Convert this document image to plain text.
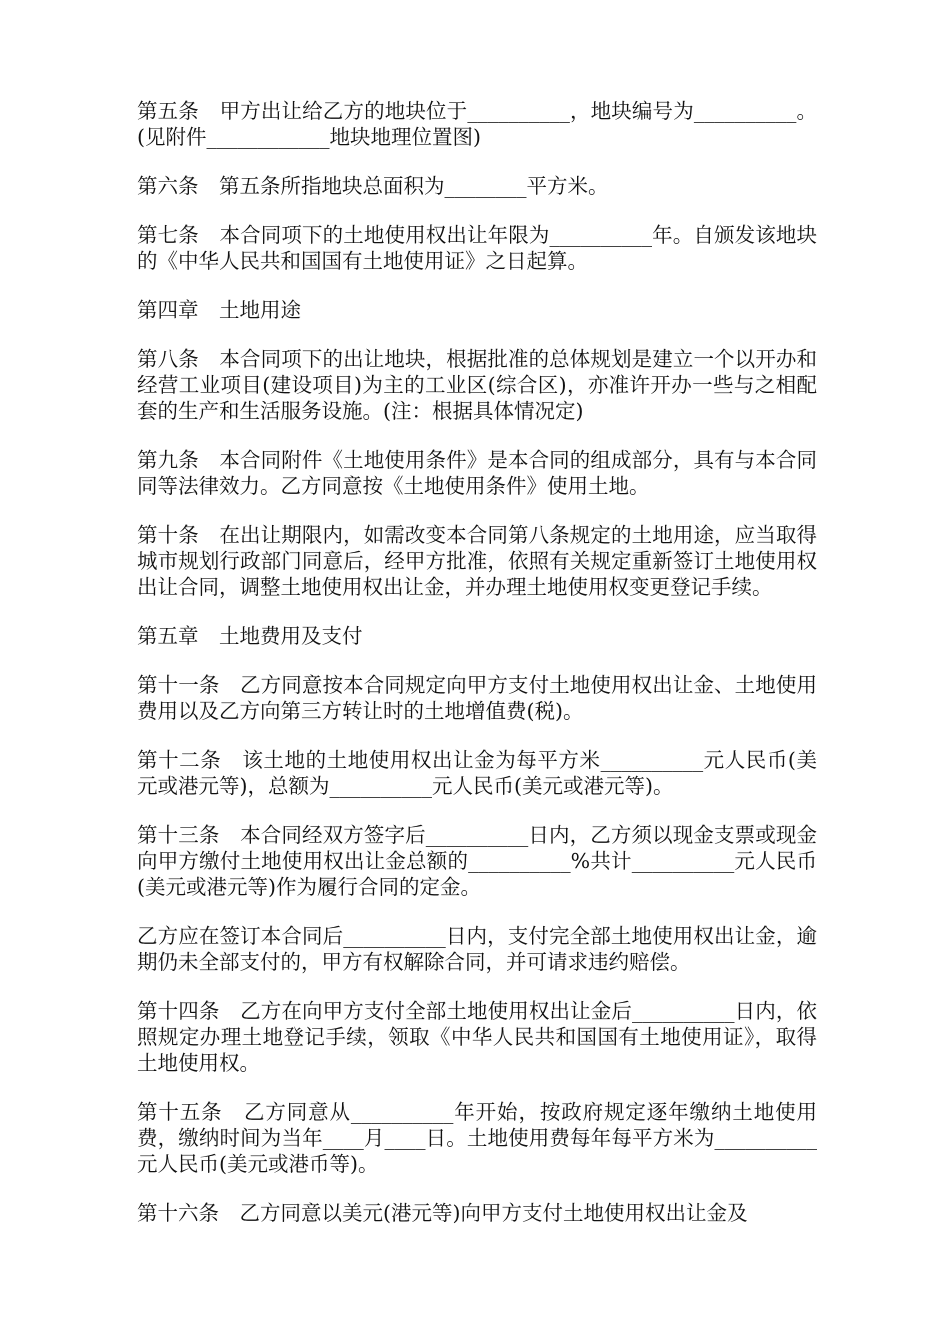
第五条　甲方出让给乙方的地块位于__________，地块编号为__________。(见附件____________地块地理位置图)

第六条　第五条所指地块总面积为________平方米。

第七条　本合同项下的土地使用权出让年限为__________年。自颁发该地块的《中华人民共和国国有土地使用证》之日起算。

第四章　土地用途

第八条　本合同项下的出让地块，根据批准的总体规划是建立一个以开办和经营工业项目(建设项目)为主的工业区(综合区)，亦准许开办一些与之相配套的生产和生活服务设施。(注：根据具体情况定)

第九条　本合同附件《土地使用条件》是本合同的组成部分，具有与本合同同等法律效力。乙方同意按《土地使用条件》使用土地。

第十条　在出让期限内，如需改变本合同第八条规定的土地用途，应当取得城市规划行政部门同意后，经甲方批准，依照有关规定重新签订土地使用权出让合同，调整土地使用权出让金，并办理土地使用权变更登记手续。

第五章　土地费用及支付

第十一条　乙方同意按本合同规定向甲方支付土地使用权出让金、土地使用费用以及乙方向第三方转让时的土地增值费(税)。

第十二条　该土地的土地使用权出让金为每平方米__________元人民币(美元或港元等)，总额为__________元人民币(美元或港元等)。

第十三条　本合同经双方签字后__________日内，乙方须以现金支票或现金向甲方缴付土地使用权出让金总额的__________%共计__________元人民币(美元或港元等)作为履行合同的定金。

乙方应在签订本合同后__________日内，支付完全部土地使用权出让金，逾期仍未全部支付的，甲方有权解除合同，并可请求违约赔偿。

第十四条　乙方在向甲方支付全部土地使用权出让金后__________日内，依照规定办理土地登记手续，领取《中华人民共和国国有土地使用证》，取得土地使用权。

第十五条　乙方同意从__________年开始，按政府规定逐年缴纳土地使用费，缴纳时间为当年____月____日。土地使用费每年每平方米为__________元人民币(美元或港币等)。

第十六条　乙方同意以美元(港元等)向甲方支付土地使用权出让金及
